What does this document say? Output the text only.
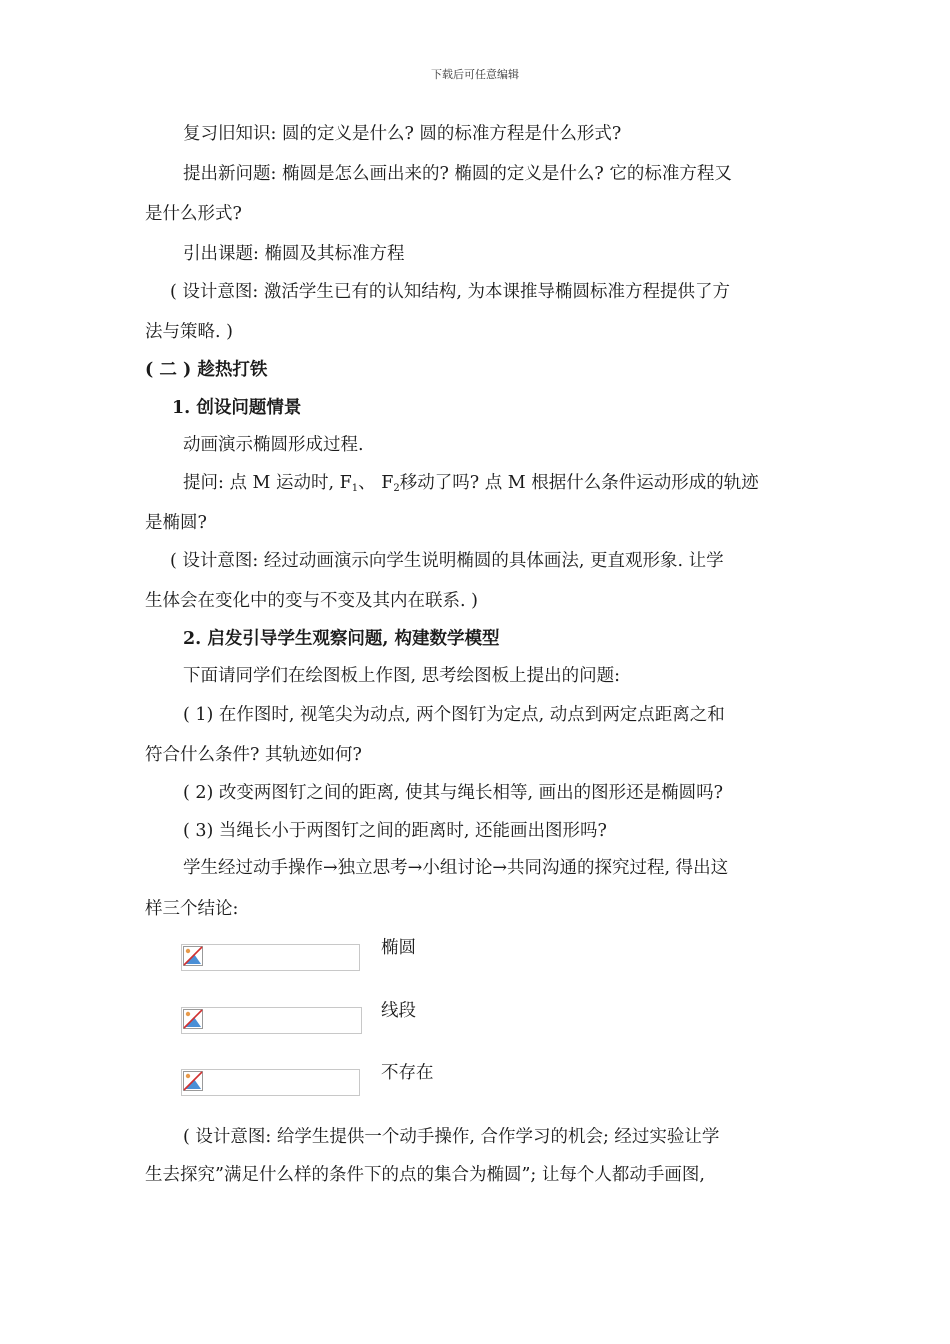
下载后可任意编辑
复习旧知识: 圆的定义是什么? 圆的标准方程是什么形式?
提出新问题: 椭圆是怎么画出来的? 椭圆的定义是什么? 它的标准方程又
是什么形式?
引出课题: 椭圆及其标准方程
( 设计意图: 激活学生已有的认知结构, 为本课推导椭圆标准方程提供了方
法与策略. )
( 二 ) 趁热打铁
1. 创设问题情景
动画演示椭圆形成过程.
提问: 点 M 运动时, $F_1$、 $F_2$移动了吗? 点 M 根据什么条件运动形成的轨迹
是椭圆?
( 设计意图: 经过动画演示向学生说明椭圆的具体画法, 更直观形象. 让学
生体会在变化中的变与不变及其内在联系. )
2. 启发引导学生观察问题, 构建数学模型
下面请同学们在绘图板上作图, 思考绘图板上提出的问题:
( 1) 在作图时, 视笔尖为动点, 两个图钉为定点, 动点到两定点距离之和
符合什么条件? 其轨迹如何?
( 2) 改变两图钉之间的距离, 使其与绳长相等, 画出的图形还是椭圆吗?
( 3) 当绳长小于两图钉之间的距离时, 还能画出图形吗?
学生经过动手操作→独立思考→小组讨论→共同沟通的探究过程, 得出这
样三个结论:
椭圆
线段
不存在
( 设计意图: 给学生提供一个动手操作, 合作学习的机会; 经过实验让学
生去探究”满足什么样的条件下的点的集合为椭圆”; 让每个人都动手画图,
